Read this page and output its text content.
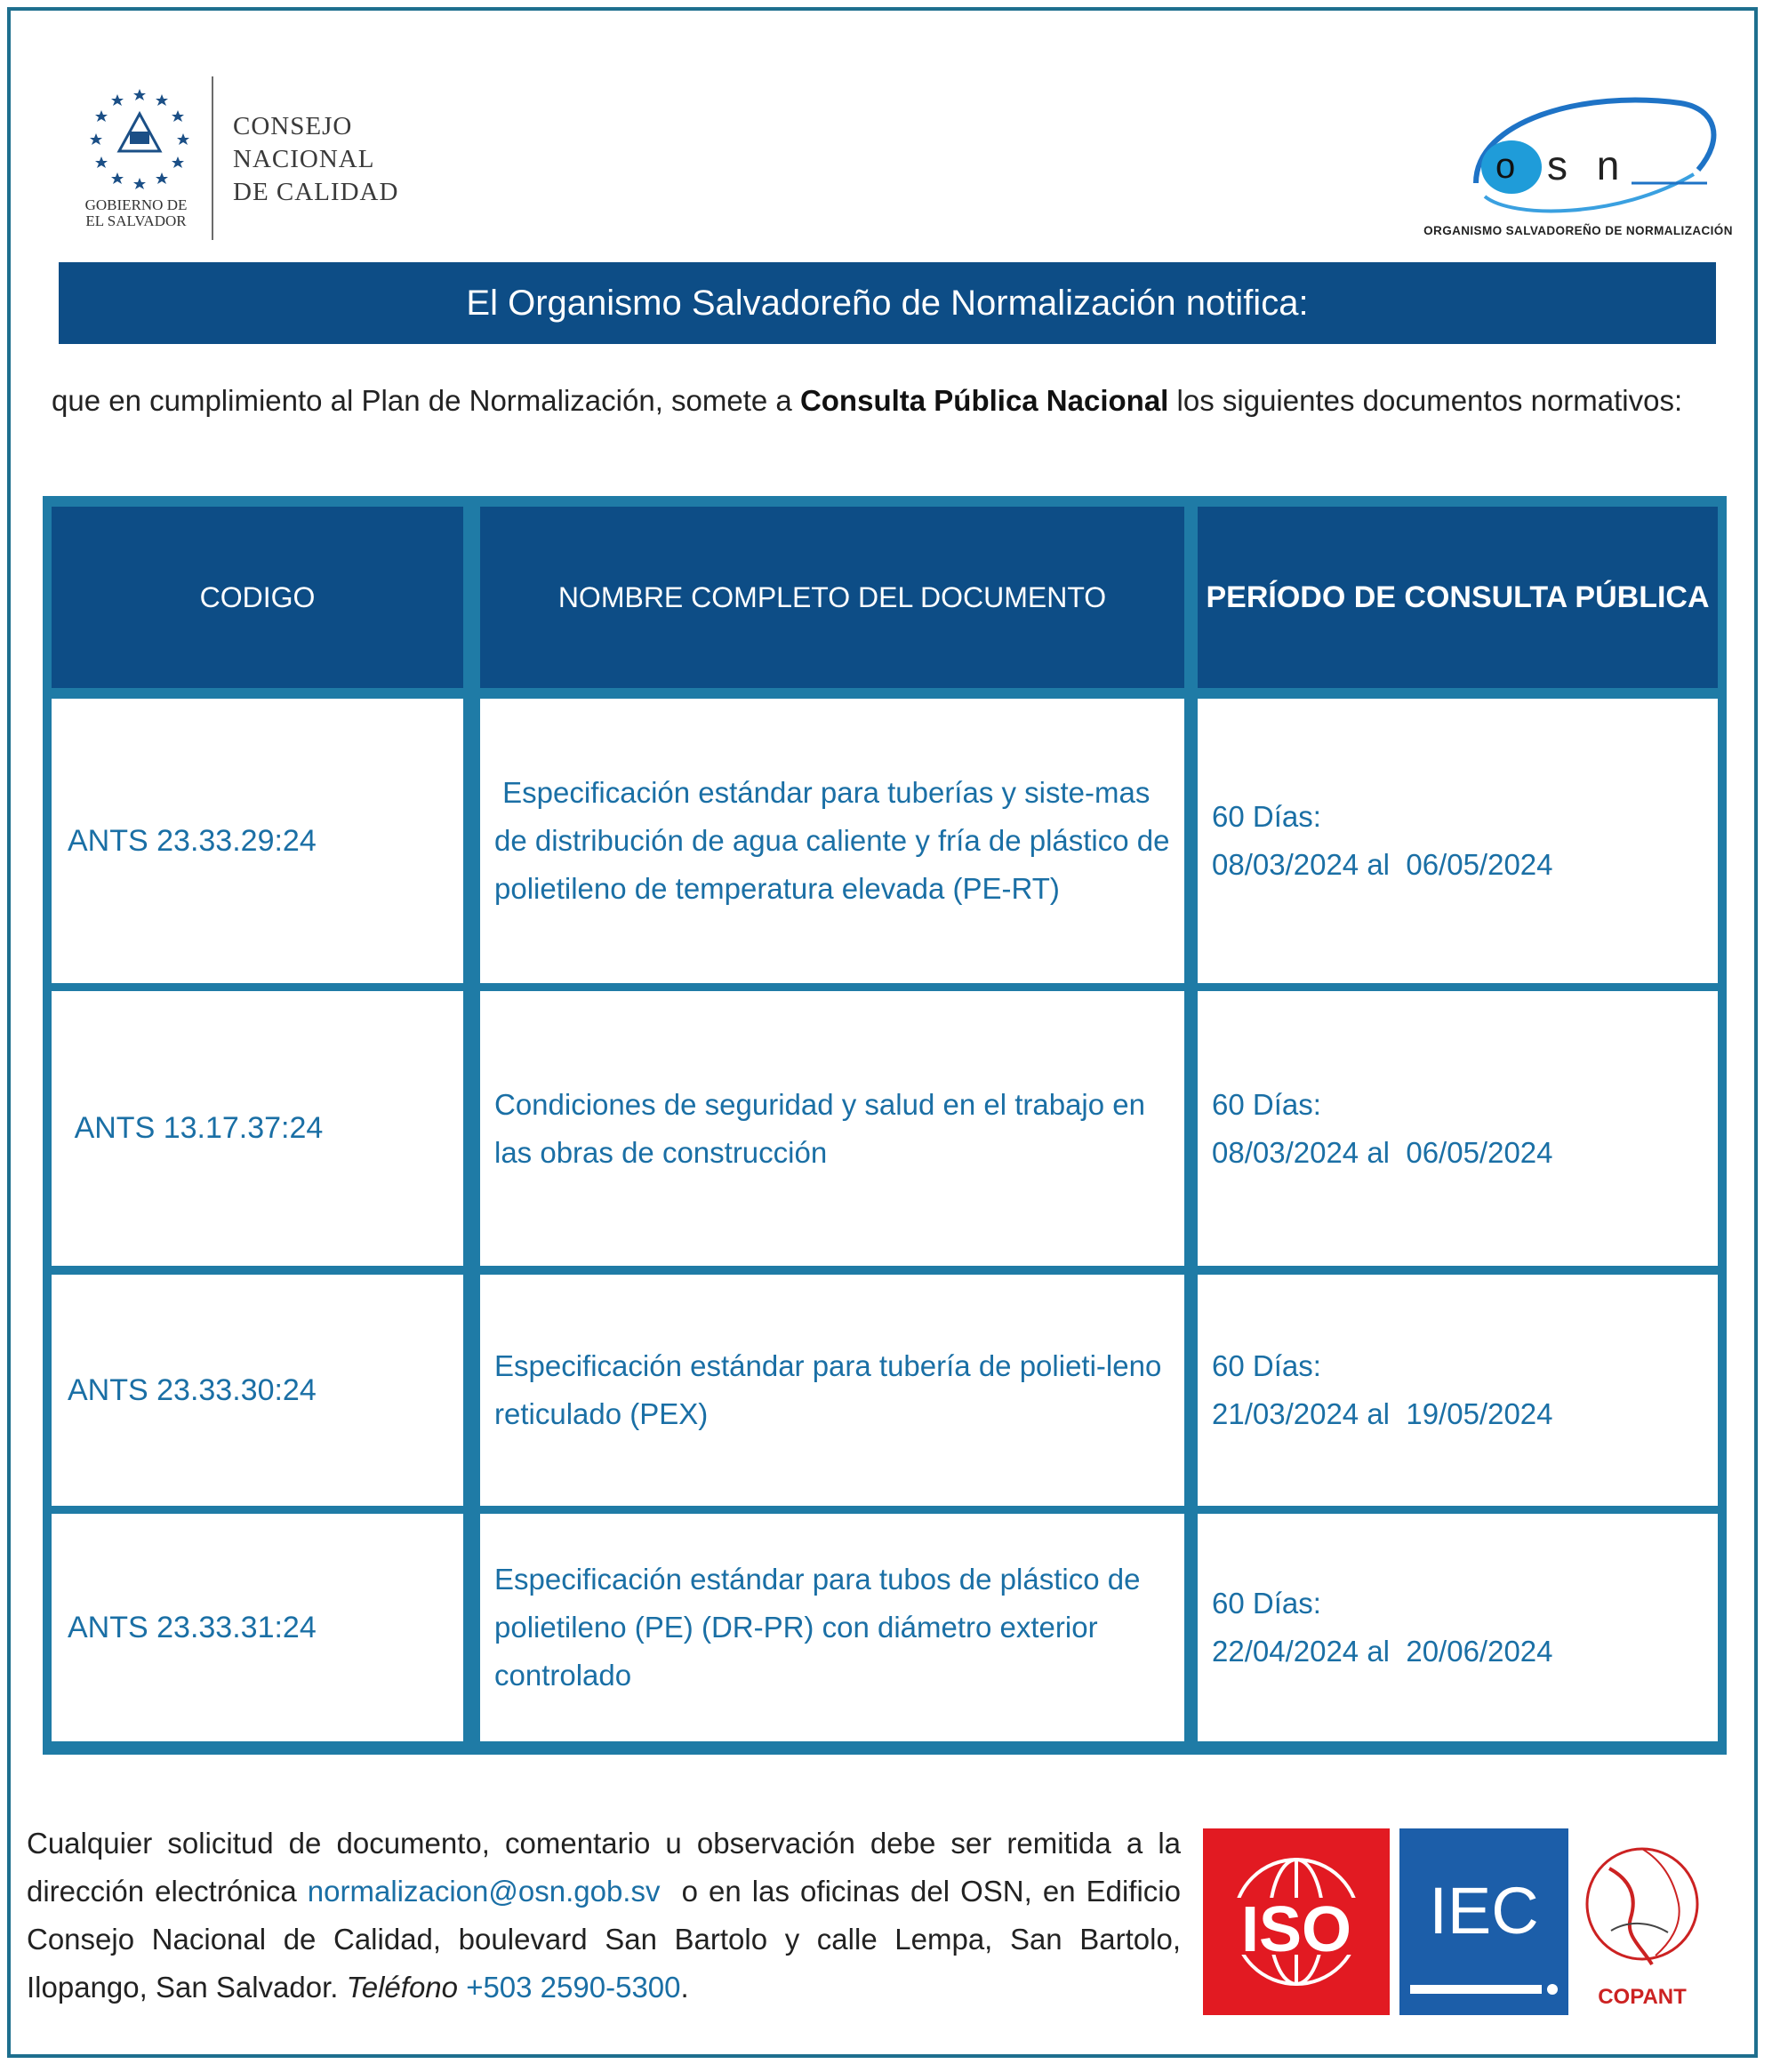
GOBIERNO DE
EL SALVADOR
CONSEJO
NACIONAL
DE CALIDAD
o s n
ORGANISMO SALVADOREÑO DE NORMALIZACIÓN
El Organismo Salvadoreño de Normalización notifica:
que en cumplimiento al Plan de Normalización, somete a Consulta Pública Nacional los siguientes documentos normativos:
CODIGO	NOMBRE COMPLETO DEL DOCUMENTO	PERÍODO DE CONSULTA PÚBLICA
ANTS 23.33.29:24
Especificación estándar para tuberías y siste-mas de distribución de agua caliente y fría de plástico de polietileno de temperatura elevada (PE-RT)
60 Días:
08/03/2024 al  06/05/2024
ANTS 13.17.37:24
Condiciones de seguridad y salud en el trabajo en las obras de construcción
60 Días:
08/03/2024 al  06/05/2024
ANTS 23.33.30:24
Especificación estándar para tubería de polieti-leno reticulado (PEX)
60 Días:
21/03/2024 al  19/05/2024
ANTS 23.33.31:24
Especificación estándar para tubos de plástico de polietileno (PE) (DR-PR) con diámetro exterior controlado
60 Días:
22/04/2024 al  20/06/2024
Cualquier solicitud de documento, comentario u observación debe ser remitida a la dirección electrónica normalizacion@osn.gob.sv  o en las oficinas del OSN, en Edificio Consejo Nacional de Calidad, boulevard San Bartolo y calle Lempa, San Bartolo, Ilopango, San Salvador. Teléfono +503 2590-5300.
ISO IEC
COPANT
